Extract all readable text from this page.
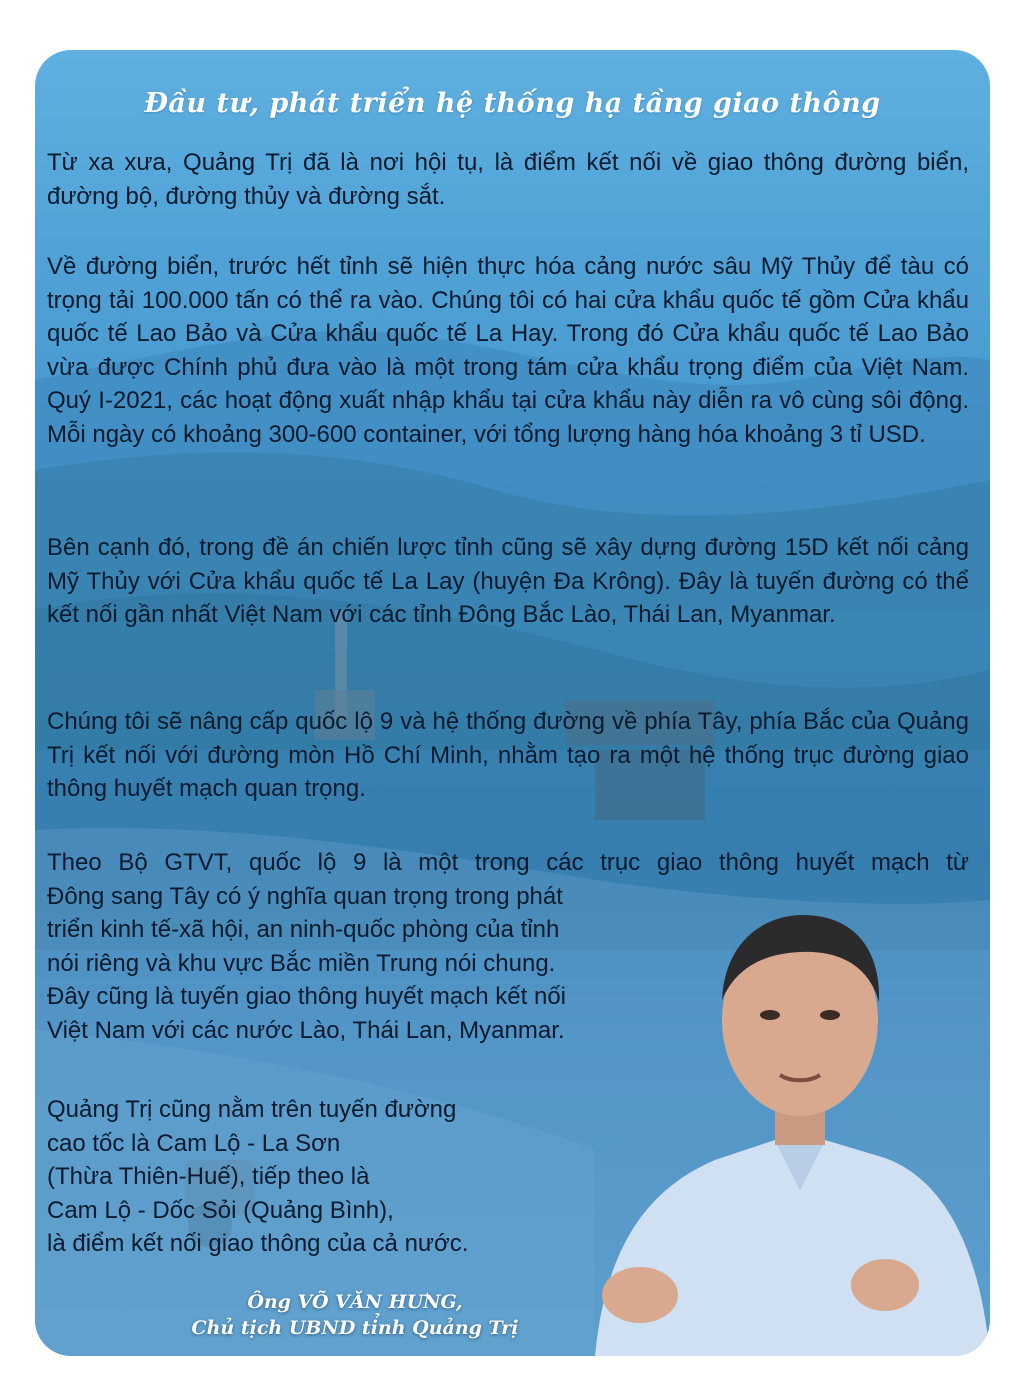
Đầu tư, phát triển hệ thống hạ tầng giao thông

Từ xa xưa, Quảng Trị đã là nơi hội tụ, là điểm kết nối về giao thông đường biển, đường bộ, đường thủy và đường sắt.

Về đường biển, trước hết tỉnh sẽ hiện thực hóa cảng nước sâu Mỹ Thủy để tàu có trọng tải 100.000 tấn có thể ra vào. Chúng tôi có hai cửa khẩu quốc tế gồm Cửa khẩu quốc tế Lao Bảo và Cửa khẩu quốc tế La Hay. Trong đó Cửa khẩu quốc tế Lao Bảo vừa được Chính phủ đưa vào là một trong tám cửa khẩu trọng điểm của Việt Nam. Quý I-2021, các hoạt động xuất nhập khẩu tại cửa khẩu này diễn ra vô cùng sôi động. Mỗi ngày có khoảng 300-600 container, với tổng lượng hàng hóa khoảng 3 tỉ USD.

Bên cạnh đó, trong đề án chiến lược tỉnh cũng sẽ xây dựng đường 15D kết nối cảng Mỹ Thủy với Cửa khẩu quốc tế La Lay (huyện Đa Krông). Đây là tuyến đường có thể kết nối gần nhất Việt Nam với các tỉnh Đông Bắc Lào, Thái Lan, Myanmar.

Chúng tôi sẽ nâng cấp quốc lộ 9 và hệ thống đường về phía Tây, phía Bắc của Quảng Trị kết nối với đường mòn Hồ Chí Minh, nhằm tạo ra một hệ thống trục đường giao thông huyết mạch quan trọng.

Theo Bộ GTVT, quốc lộ 9 là một trong các trục giao thông huyết mạch từ
Đông sang Tây có ý nghĩa quan trọng trong phát
triển kinh tế-xã hội, an ninh-quốc phòng của tỉnh
nói riêng và khu vực Bắc miền Trung nói chung.
Đây cũng là tuyến giao thông huyết mạch kết nối
Việt Nam với các nước Lào, Thái Lan, Myanmar.
Quảng Trị cũng nằm trên tuyến đường
cao tốc là Cam Lộ - La Sơn
(Thừa Thiên-Huế), tiếp theo là
Cam Lộ - Dốc Sỏi (Quảng Bình),
là điểm kết nối giao thông của cả nước.
Ông VÕ VĂN HƯNG,
Chủ tịch UBND tỉnh Quảng Trị
